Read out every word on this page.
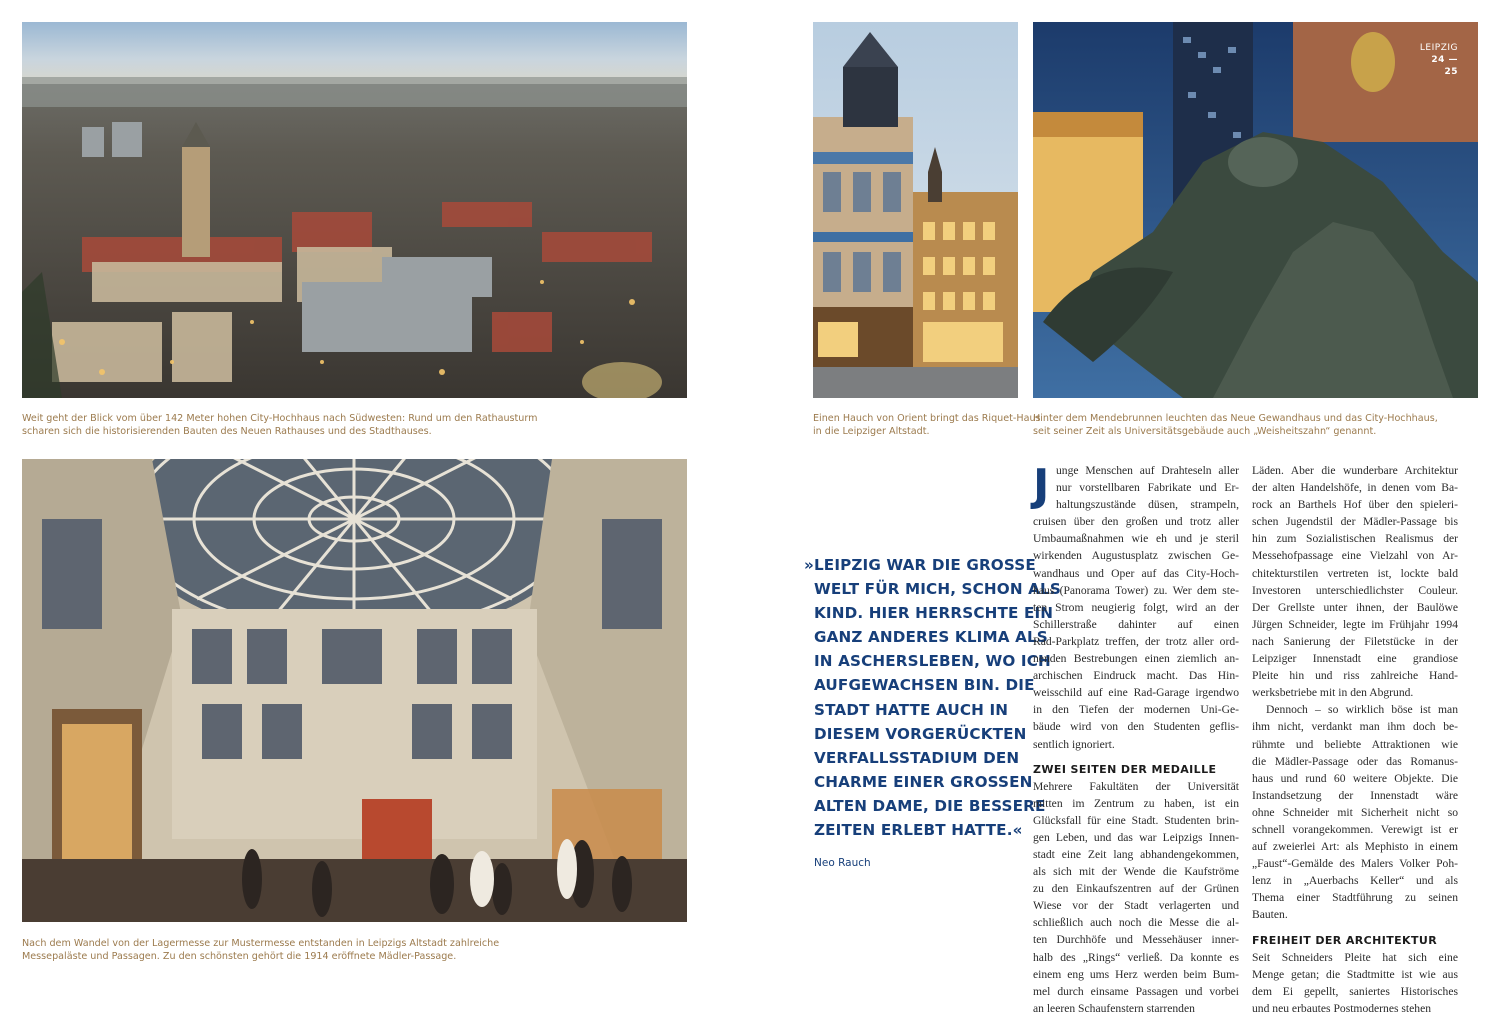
Weit geht der Blick vom über 142 Meter hohen City-Hochhaus nach Südwesten: Rund um den Rathausturm
scharen sich die historisierenden Bauten des Neuen Rathauses und des Stadthauses.
Einen Hauch von Orient bringt das Riquet-Haus
in die Leipziger Altstadt.
LEIPZIG
24 — 25
Hinter dem Mendebrunnen leuchten das Neue Gewandhaus und das City-Hochhaus,
seit seiner Zeit als Universitätsgebäude auch „Weisheitszahn“ genannt.
Nach dem Wandel von der Lagermesse zur Mustermesse entstanden in Leipzigs Altstadt zahlreiche
Messepaläste und Passagen. Zu den schönsten gehört die 1914 eröffnete Mädler-Passage.
»LEIPZIG WAR DIE GROSSE
WELT FÜR MICH, SCHON ALS
KIND. HIER HERRSCHTE EIN
GANZ ANDERES KLIMA ALS
IN ASCHERSLEBEN, WO ICH
AUFGEWACHSEN BIN. DIE
STADT HATTE AUCH IN
DIESEM VORGERÜCKTEN
VERFALLSSTADIUM DEN
CHARME EINER GROSSEN
ALTEN DAME, DIE BESSERE
ZEITEN ERLEBT HATTE.«
Neo Rauch
J unge Menschen auf Drahteseln aller
nur vorstellbaren Fabrikate und Er-
haltungszustände düsen, strampeln,
cruisen über den großen und trotz aller
Umbaumaßnahmen wie eh und je steril
wirkenden Augustusplatz zwischen Ge-
wandhaus und Oper auf das City-Hoch-
haus (Panorama Tower) zu. Wer dem ste-
ten Strom neugierig folgt, wird an der
Schillerstraße dahinter auf einen
Rad-Parkplatz treffen, der trotz aller ord-
nenden Bestrebungen einen ziemlich an-
archischen Eindruck macht. Das Hin-
weisschild auf eine Rad-Garage irgendwo
in den Tiefen der modernen Uni-Ge-
bäude wird von den Studenten geflis-
sentlich ignoriert.
ZWEI SEITEN DER MEDAILLE
Mehrere Fakultäten der Universität
mitten im Zentrum zu haben, ist ein
Glücksfall für eine Stadt. Studenten brin-
gen Leben, und das war Leipzigs Innen-
stadt eine Zeit lang abhandengekommen,
als sich mit der Wende die Kaufströme
zu den Einkaufszentren auf der Grünen
Wiese vor der Stadt verlagerten und
schließlich auch noch die Messe die al-
ten Durchhöfe und Messehäuser inner-
halb des „Rings“ verließ. Da konnte es
einem eng ums Herz werden beim Bum-
mel durch einsame Passagen und vorbei
an leeren Schaufenstern starrenden
Läden. Aber die wunderbare Architektur
der alten Handelshöfe, in denen vom Ba-
rock an Barthels Hof über den spieleri-
schen Jugendstil der Mädler-Passage bis
hin zum Sozialistischen Realismus der
Messehofpassage eine Vielzahl von Ar-
chitekturstilen vertreten ist, lockte bald
Investoren unterschiedlichster Couleur.
Der Grellste unter ihnen, der Baulöwe
Jürgen Schneider, legte im Frühjahr 1994
nach Sanierung der Filetstücke in der
Leipziger Innenstadt eine grandiose
Pleite hin und riss zahlreiche Hand-
werksbetriebe mit in den Abgrund.
Dennoch – so wirklich böse ist man
ihm nicht, verdankt man ihm doch be-
rühmte und beliebte Attraktionen wie
die Mädler-Passage oder das Romanus-
haus und rund 60 weitere Objekte. Die
Instandsetzung der Innenstadt wäre
ohne Schneider mit Sicherheit nicht so
schnell vorangekommen. Verewigt ist er
auf zweierlei Art: als Mephisto in einem
„Faust“-Gemälde des Malers Volker Poh-
lenz in „Auerbachs Keller“ und als
Thema einer Stadtführung zu seinen
Bauten.
FREIHEIT DER ARCHITEKTUR
Seit Schneiders Pleite hat sich eine
Menge getan; die Stadtmitte ist wie aus
dem Ei gepellt, saniertes Historisches
und neu erbautes Postmodernes stehen
